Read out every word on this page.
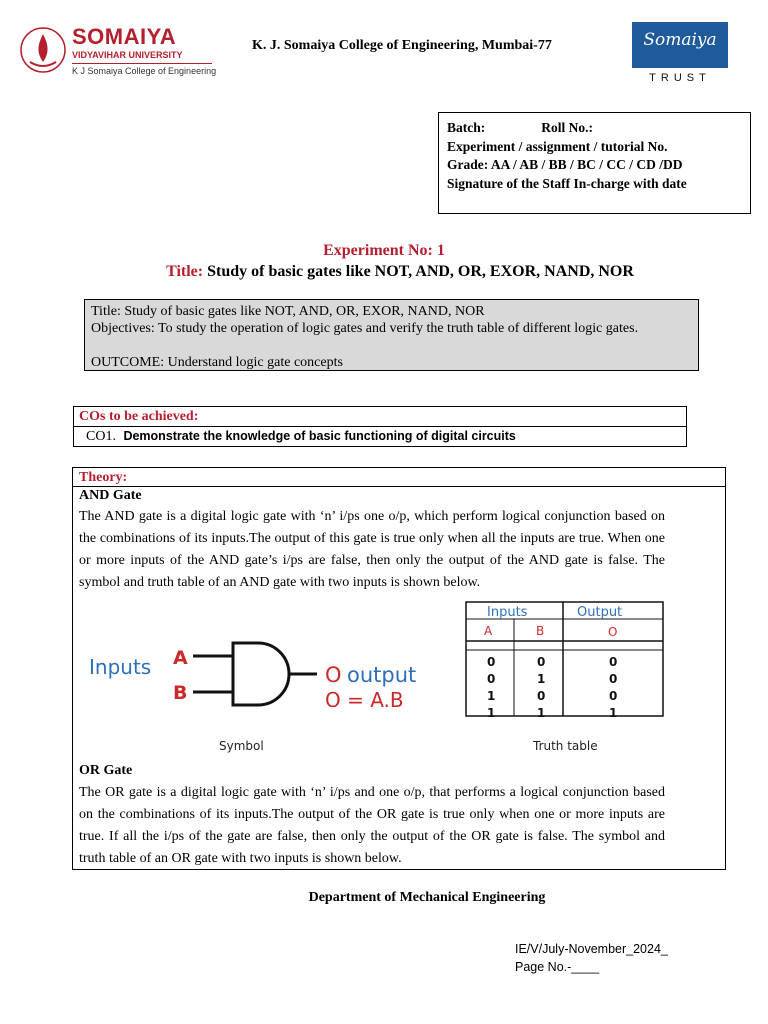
SOMAIYA
VIDYAVIHAR UNIVERSITY
K J Somaiya College of Engineering
K. J. Somaiya College of Engineering, Mumbai-77	Somaiya
TRUST
Batch:	Roll No.:
Experiment / assignment / tutorial No.
Grade: AA / AB / BB / BC / CC / CD /DD
Signature of the Staff In-charge with date
Experiment No: 1
Title: Study of basic gates like NOT, AND, OR, EXOR, NAND, NOR

Title: Study of basic gates like NOT, AND, OR, EXOR, NAND, NOR

Objectives: To study the operation of logic gates and verify the truth table of different logic gates.

OUTCOME: Understand logic gate concepts

COs to be achieved:
CO1. Demonstrate the knowledge of basic functioning of digital circuits
Theory:
AND Gate
The AND gate is a digital logic gate with ‘n’ i/ps one o/p, which perform logical conjunction based on the combinations of its inputs.The output of this gate is true only when all the inputs are true. When one or more inputs of the AND gate’s i/ps are false, then only the output of the AND gate is false. The symbol and truth table of an AND gate with two inputs is shown below.
Inputs A
B
O output
O = A.B
Symbol
Inputs	Output
A	B	O
0	0	0
0	1	0
1	0	0
1	1	1
Truth table
OR Gate
The OR gate is a digital logic gate with ‘n’ i/ps and one o/p, that performs a logical conjunction based on the combinations of its inputs.The output of the OR gate is true only when one or more inputs are true. If all the i/ps of the gate are false, then only the output of the OR gate is false. The symbol and truth table of an OR gate with two inputs is shown below.
Department of Mechanical Engineering
IE/V/July-November_2024_
Page No.-____
